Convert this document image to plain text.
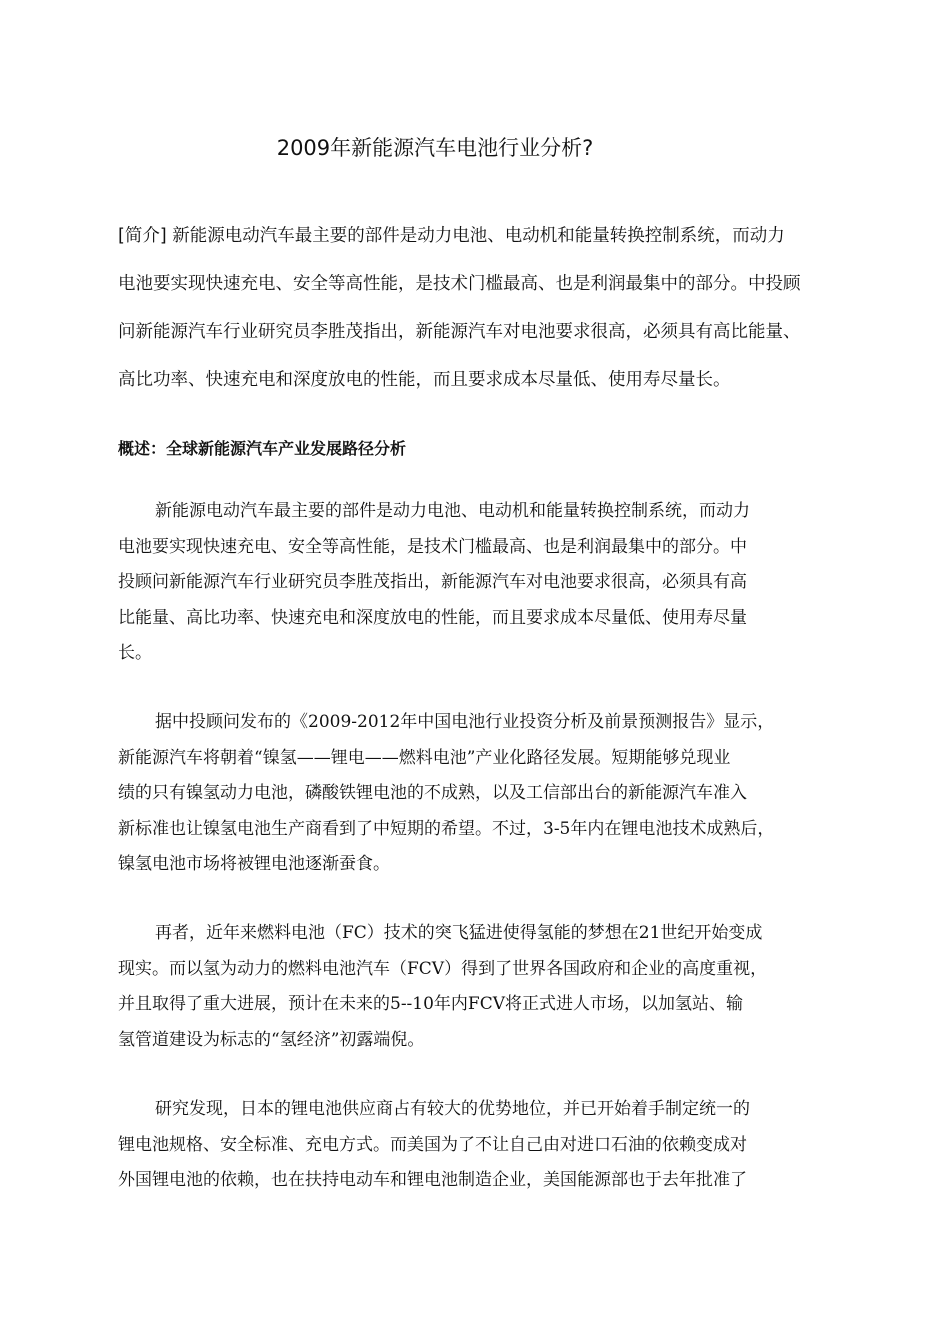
2009年新能源汽车电池行业分析?
[简介] 新能源电动汽车最主要的部件是动力电池、电动机和能量转换控制系统，而动力
电池要实现快速充电、安全等高性能，是技术门槛最高、也是利润最集中的部分。中投顾
问新能源汽车行业研究员李胜茂指出，新能源汽车对电池要求很高，必须具有高比能量、
高比功率、快速充电和深度放电的性能，而且要求成本尽量低、使用寿尽量长。
概述：全球新能源汽车产业发展路径分析
新能源电动汽车最主要的部件是动力电池、电动机和能量转换控制系统，而动力
电池要实现快速充电、安全等高性能，是技术门槛最高、也是利润最集中的部分。中
投顾问新能源汽车行业研究员李胜茂指出，新能源汽车对电池要求很高，必须具有高
比能量、高比功率、快速充电和深度放电的性能，而且要求成本尽量低、使用寿尽量
长。
据中投顾问发布的《2009-2012年中国电池行业投资分析及前景预测报告》显示，
新能源汽车将朝着“镍氢——锂电——燃料电池”产业化路径发展。短期能够兑现业
绩的只有镍氢动力电池，磷酸铁锂电池的不成熟，以及工信部出台的新能源汽车准入
新标准也让镍氢电池生产商看到了中短期的希望。不过，3-5年内在锂电池技术成熟后，
镍氢电池市场将被锂电池逐渐蚕食。
再者，近年来燃料电池（FC）技术的突飞猛进使得氢能的梦想在21世纪开始变成
现实。而以氢为动力的燃料电池汽车（FCV）得到了世界各国政府和企业的高度重视，
并且取得了重大进展，预计在未来的5--10年内FCV将正式进人市场，以加氢站、输
氢管道建设为标志的“氢经济”初露端倪。
研究发现，日本的锂电池供应商占有较大的优势地位，并已开始着手制定统一的
锂电池规格、安全标准、充电方式。而美国为了不让自己由对进口石油的依赖变成对
外国锂电池的依赖，也在扶持电动车和锂电池制造企业，美国能源部也于去年批准了
